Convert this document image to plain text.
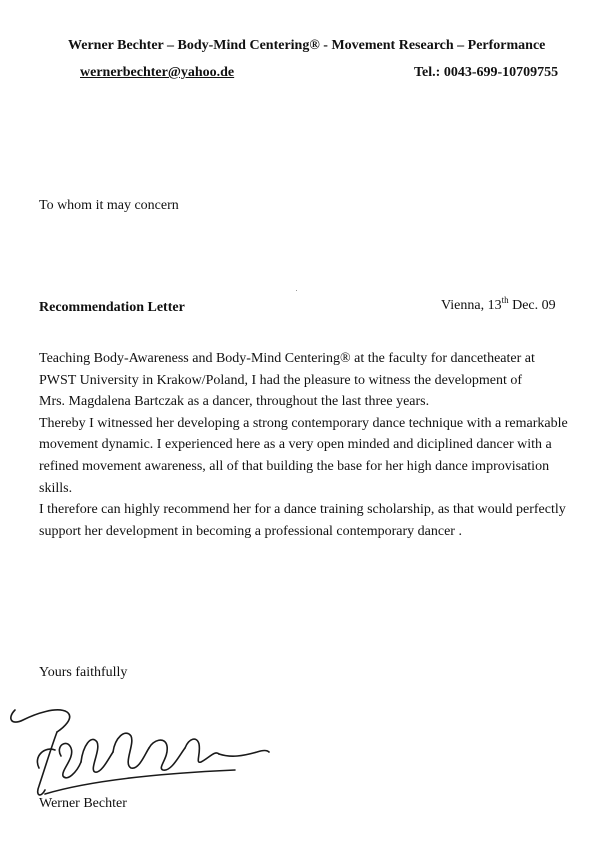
Werner Bechter – Body-Mind Centering® - Movement Research – Performance
wernerbechter@yahoo.de	Tel.: 0043-699-10709755
To whom it may concern
Recommendation Letter	Vienna, 13th Dec. 09
Teaching Body-Awareness and Body-Mind Centering® at the faculty for dancetheater at
PWST University in Krakow/Poland, I had the pleasure to witness the development of
Mrs. Magdalena Bartczak as a dancer, throughout the last three years.
Thereby I witnessed her developing a strong contemporary dance technique with a remarkable
movement dynamic. I experienced here as a very open minded and diciplined dancer with a
refined movement awareness, all of that building the base for her high dance improvisation
skills.
I therefore can highly recommend her for a dance training scholarship, as that would perfectly
support her development in becoming a professional contemporary dancer .
Yours faithfully
Werner Bechter
